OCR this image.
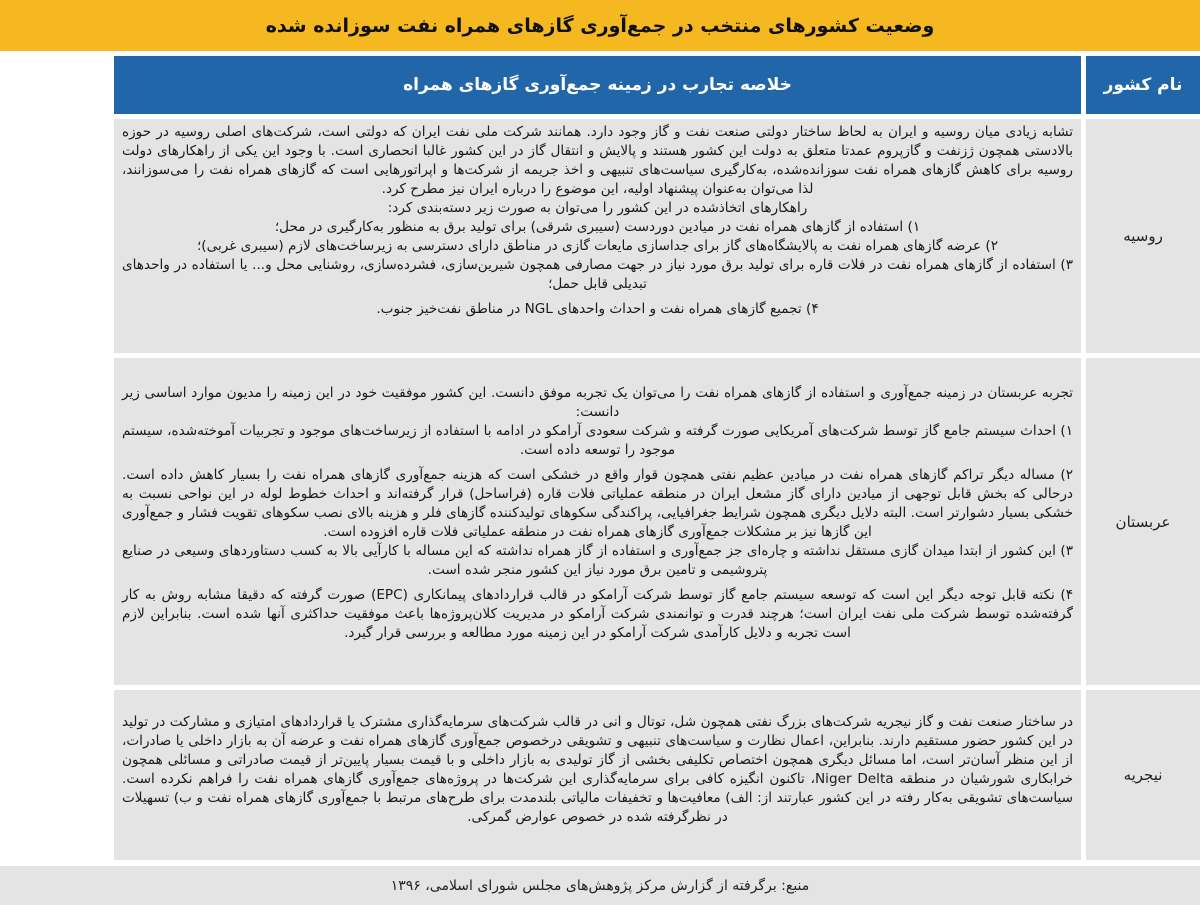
وضعیت کشورهای منتخب در جمع‌آوری گازهای همراه نفت سوزانده شده
نام کشور
خلاصه تجارب در زمینه جمع‌آوری گازهای همراه
روسیه

تشابه زیادی میان روسیه و ایران به لحاظ ساختار دولتی صنعت نفت و گاز وجود دارد. همانند شرکت ملی نفت ایران که دولتی است، شرکت‌های اصلی روسیه در حوزه بالادستی همچون ژزنفت و گازپروم عمدتا متعلق به دولت این کشور هستند و پالایش و انتقال گاز در این کشور غالبا انحصاری است. با وجود این یکی از راهکارهای دولت روسیه برای کاهش گازهای همراه نفت سوزانده‌شده، به‌کارگیری سیاست‌های تنبیهی و اخذ جریمه از شرکت‌ها و اپراتورهایی است که گازهای همراه نفت را می‌سوزانند، لذا می‌توان به‌عنوان پیشنهاد اولیه، این موضوع را درباره ایران نیز مطرح کرد.

راهکارهای اتخاذشده در این کشور را می‌توان به صورت زیر دسته‌بندی کرد:

۱) استفاده از گازهای همراه نفت در میادین دوردست (سیبری شرقی) برای تولید برق به منظور به‌کارگیری در محل؛

۲) عرضه گازهای همراه نفت به پالایشگاه‌های گاز برای جداسازی مایعات گازی در مناطق دارای دسترسی به زیرساخت‌های لازم (سیبری غربی)؛

۳) استفاده از گازهای همراه نفت در فلات قاره برای تولید برق مورد نیاز در جهت مصارفی همچون شیرین‌سازی، فشرده‌سازی، روشنایی محل و... یا استفاده در واحدهای تبدیلی قابل حمل؛

۴) تجمیع گازهای همراه نفت و احداث واحدهای NGL در مناطق نفت‌خیز جنوب.

عربستان

تجربه عربستان در زمینه جمع‌آوری و استفاده از گازهای همراه نفت را می‌توان یک تجربه موفق دانست. این کشور موفقیت خود در این زمینه را مدیون موارد اساسی زیر دانست:

۱) احداث سیستم جامع گاز توسط شرکت‌های آمریکایی صورت گرفته و شرکت سعودی آرامکو در ادامه با استفاده از زیرساخت‌های موجود و تجربیات آموخته‌شده، سیستم موجود را توسعه داده است.

۲) مساله دیگر تراکم گازهای همراه نفت در میادین عظیم نفتی همچون قوار واقع در خشکی است که هزینه جمع‌آوری گازهای همراه نفت را بسیار کاهش داده است. درحالی که بخش قابل توجهی از میادین دارای گاز مشعل ایران در منطقه عملیاتی فلات قاره (فراساحل) قرار گرفته‌اند و احداث خطوط لوله در این نواحی نسبت به خشکی بسیار دشوارتر است. البته دلایل دیگری همچون شرایط جغرافیایی، پراکندگی سکوهای تولیدکننده گازهای فلر و هزینه بالای نصب سکوهای تقویت فشار و جمع‌آوری این گازها نیز بر مشکلات جمع‌آوری گازهای همراه نفت در منطقه عملیاتی فلات قاره افزوده است.

۳) این کشور از ابتدا میدان گازی مستقل نداشته و چاره‌ای جز جمع‌آوری و استفاده از گاز همراه نداشته که این مساله با کارآیی بالا به کسب دستاوردهای وسیعی در صنایع پتروشیمی و تامین برق مورد نیاز این کشور منجر شده است.

۴) نکته قابل توجه دیگر این است که توسعه سیستم جامع گاز توسط شرکت آرامکو در قالب قراردادهای پیمانکاری (EPC) صورت گرفته که دقیقا مشابه روش به کار گرفته‌شده توسط شرکت ملی نفت ایران است؛ هرچند قدرت و توانمندی شرکت آرامکو در مدیریت کلان‌پروژه‌ها باعث موفقیت حداکثری آنها شده است. بنابراین لازم است تجربه و دلایل کارآمدی شرکت آرامکو در این زمینه مورد مطالعه و بررسی قرار گیرد.

نیجریه

در ساختار صنعت نفت و گاز نیجریه شرکت‌های بزرگ نفتی همچون شل، توتال و انی در قالب شرکت‌های سرمایه‌گذاری مشترک یا قراردادهای امتیازی و مشارکت در تولید در این کشور حضور مستقیم دارند. بنابراین، اعمال نظارت و سیاست‌های تنبیهی و تشویقی درخصوص جمع‌آوری گازهای همراه نفت و عرضه آن به بازار داخلی یا صادرات، از این منظر آسان‌تر است، اما مسائل دیگری همچون اختصاص تکلیفی بخشی از گاز تولیدی به بازار داخلی و با قیمت بسیار پایین‌تر از قیمت صادراتی و مسائلی همچون خرابکاری شورشیان در منطقه Niger Delta، تاکنون انگیزه کافی برای سرمایه‌گذاری این شرکت‌ها در پروژه‌های جمع‌آوری گازهای همراه نفت را فراهم نکرده است. سیاست‌های تشویقی به‌کار رفته در این کشور عبارتند از: الف) معافیت‌ها و تخفیفات مالیاتی بلندمدت برای طرح‌های مرتبط با جمع‌آوری گازهای همراه نفت و ب) تسهیلات در نظرگرفته شده در خصوص عوارض گمرکی.

منبع: برگرفته از گزارش مرکز پژوهش‌های مجلس شورای اسلامی، ۱۳۹۶
